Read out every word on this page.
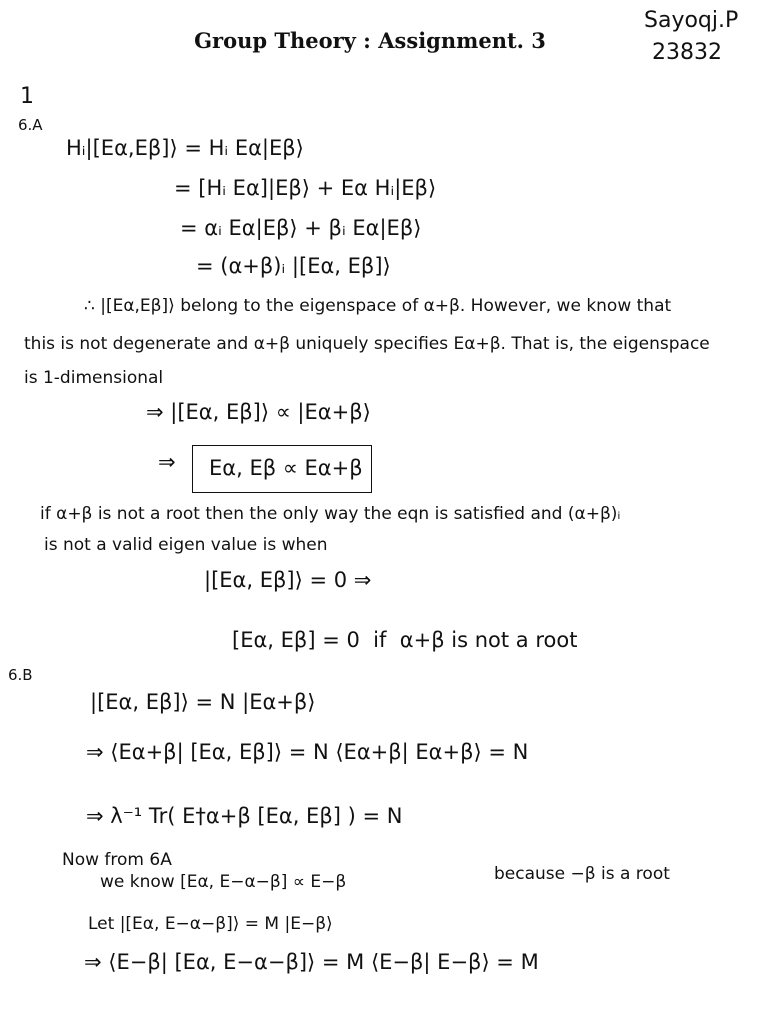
Group Theory : Assignment. 3
Sayoqj.P
23832
1
6.A
Hᵢ|[Eα,Eβ]⟩ = Hᵢ Eα|Eβ⟩
= [Hᵢ Eα]|Eβ⟩ + Eα Hᵢ|Eβ⟩
= αᵢ Eα|Eβ⟩ + βᵢ Eα|Eβ⟩
= (α+β)ᵢ |[Eα, Eβ]⟩
∴ |[Eα,Eβ]⟩ belong to the eigenspace of α+β. However, we know that
this is not degenerate and α+β uniquely specifies Eα+β. That is, the eigenspace
is 1-dimensional
⇒ |[Eα, Eβ]⟩ ∝ |Eα+β⟩
⇒ Eα, Eβ ∝ Eα+β
if α+β is not a root then the only way the eqn is satisfied and (α+β)ᵢ
is not a valid eigen value is when
|[Eα, Eβ]⟩ = 0 ⇒
[Eα, Eβ] = 0  if  α+β is not a root
6.B
|[Eα, Eβ]⟩ = N |Eα+β⟩
⇒ ⟨Eα+β| [Eα, Eβ]⟩ = N ⟨Eα+β| Eα+β⟩ = N
⇒ λ⁻¹ Tr( E†α+β [Eα, Eβ] ) = N
Now from 6A
we know [Eα, E−α−β] ∝ E−β	because −β is a root
Let |[Eα, E−α−β]⟩ = M |E−β⟩
⇒ ⟨E−β| [Eα, E−α−β]⟩ = M ⟨E−β| E−β⟩ = M
